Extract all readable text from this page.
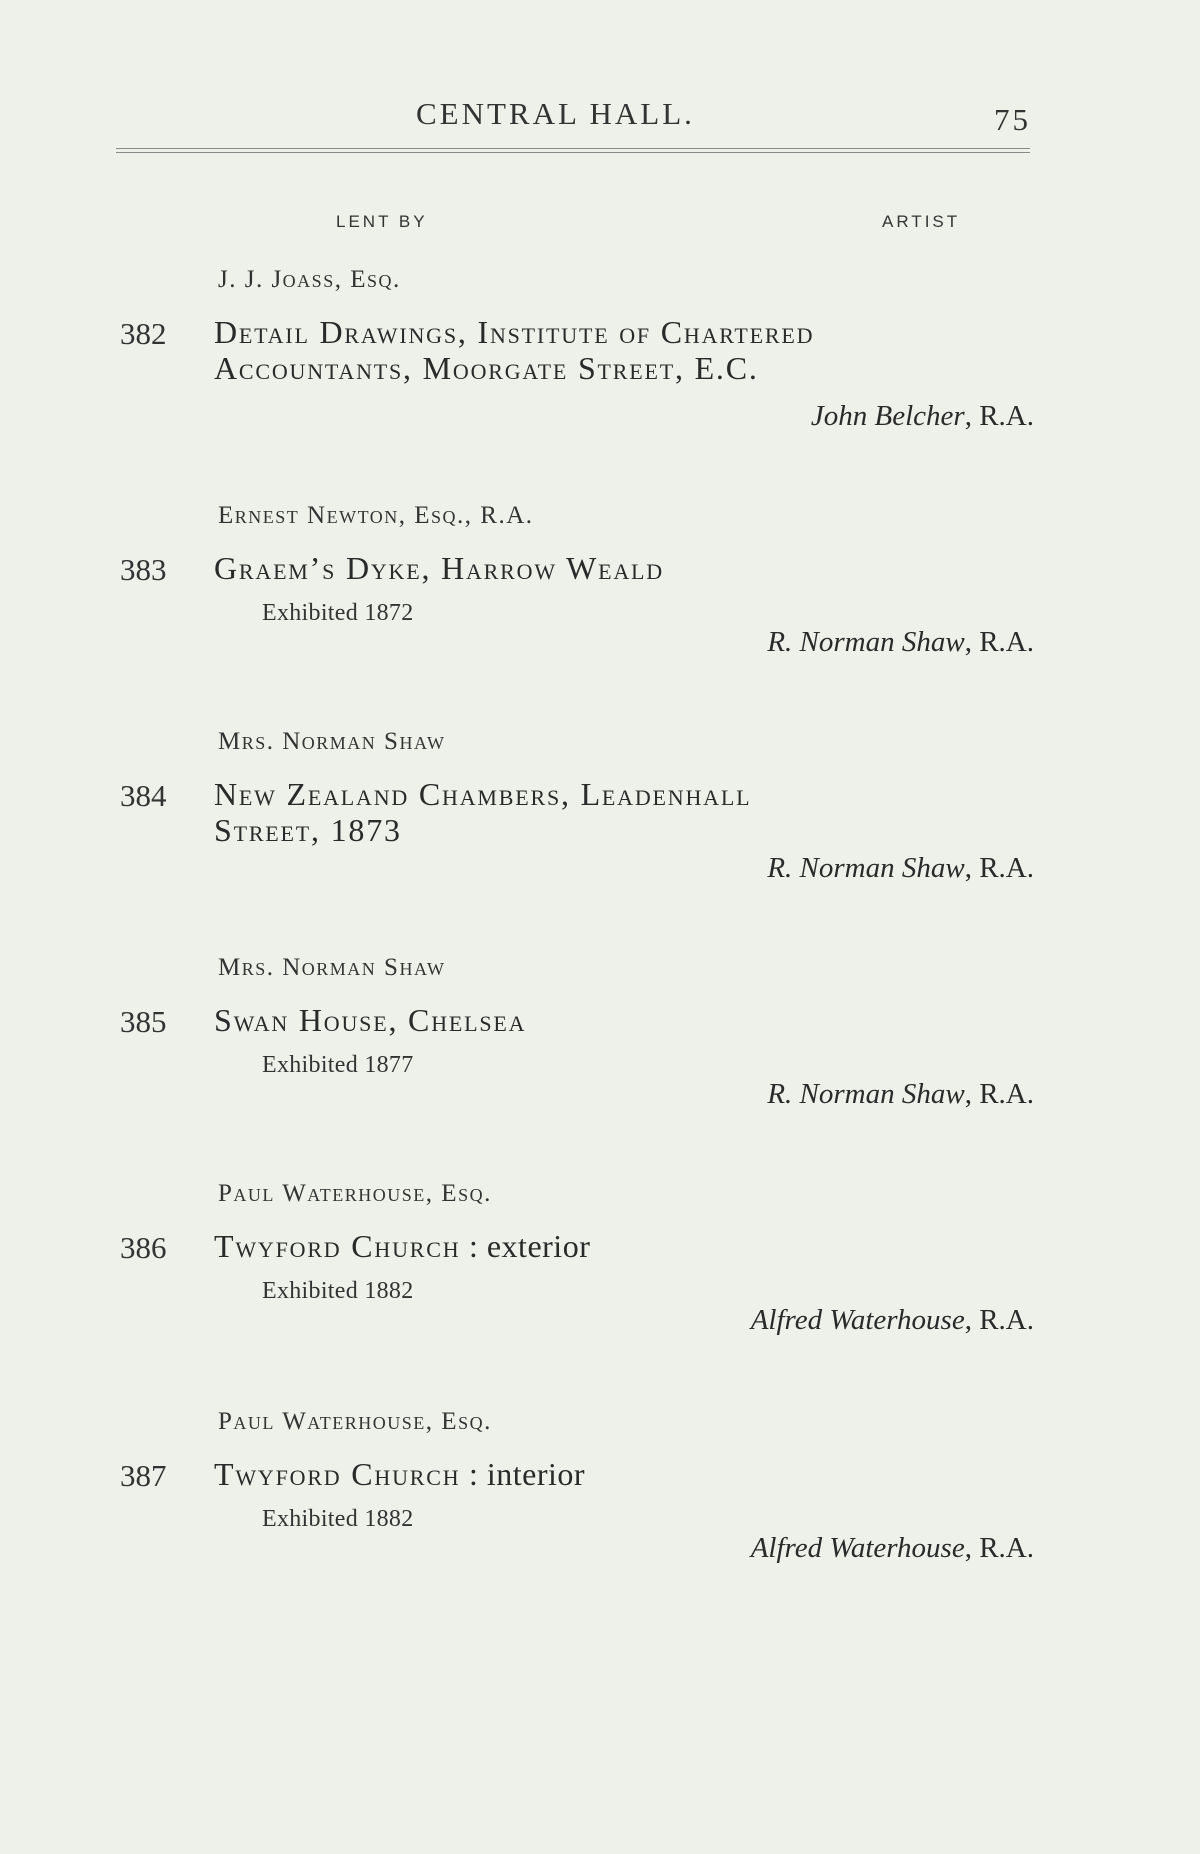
CENTRAL HALL.	75
LENT BY	ARTIST
J. J. Joass, Esq.
382 Detail Drawings, Institute of Chartered
Accountants, Moorgate Street, E.C.
John Belcher, R.A.
Ernest Newton, Esq., R.A.
383 Graem’s Dyke, Harrow Weald
Exhibited 1872
R. Norman Shaw, R.A.
Mrs. Norman Shaw
384 New Zealand Chambers, Leadenhall
Street, 1873
R. Norman Shaw, R.A.
Mrs. Norman Shaw
385 Swan House, Chelsea
Exhibited 1877
R. Norman Shaw, R.A.
Paul Waterhouse, Esq.
386 Twyford Church : exterior
Exhibited 1882
Alfred Waterhouse, R.A.
Paul Waterhouse, Esq.
387 Twyford Church : interior
Exhibited 1882
Alfred Waterhouse, R.A.
